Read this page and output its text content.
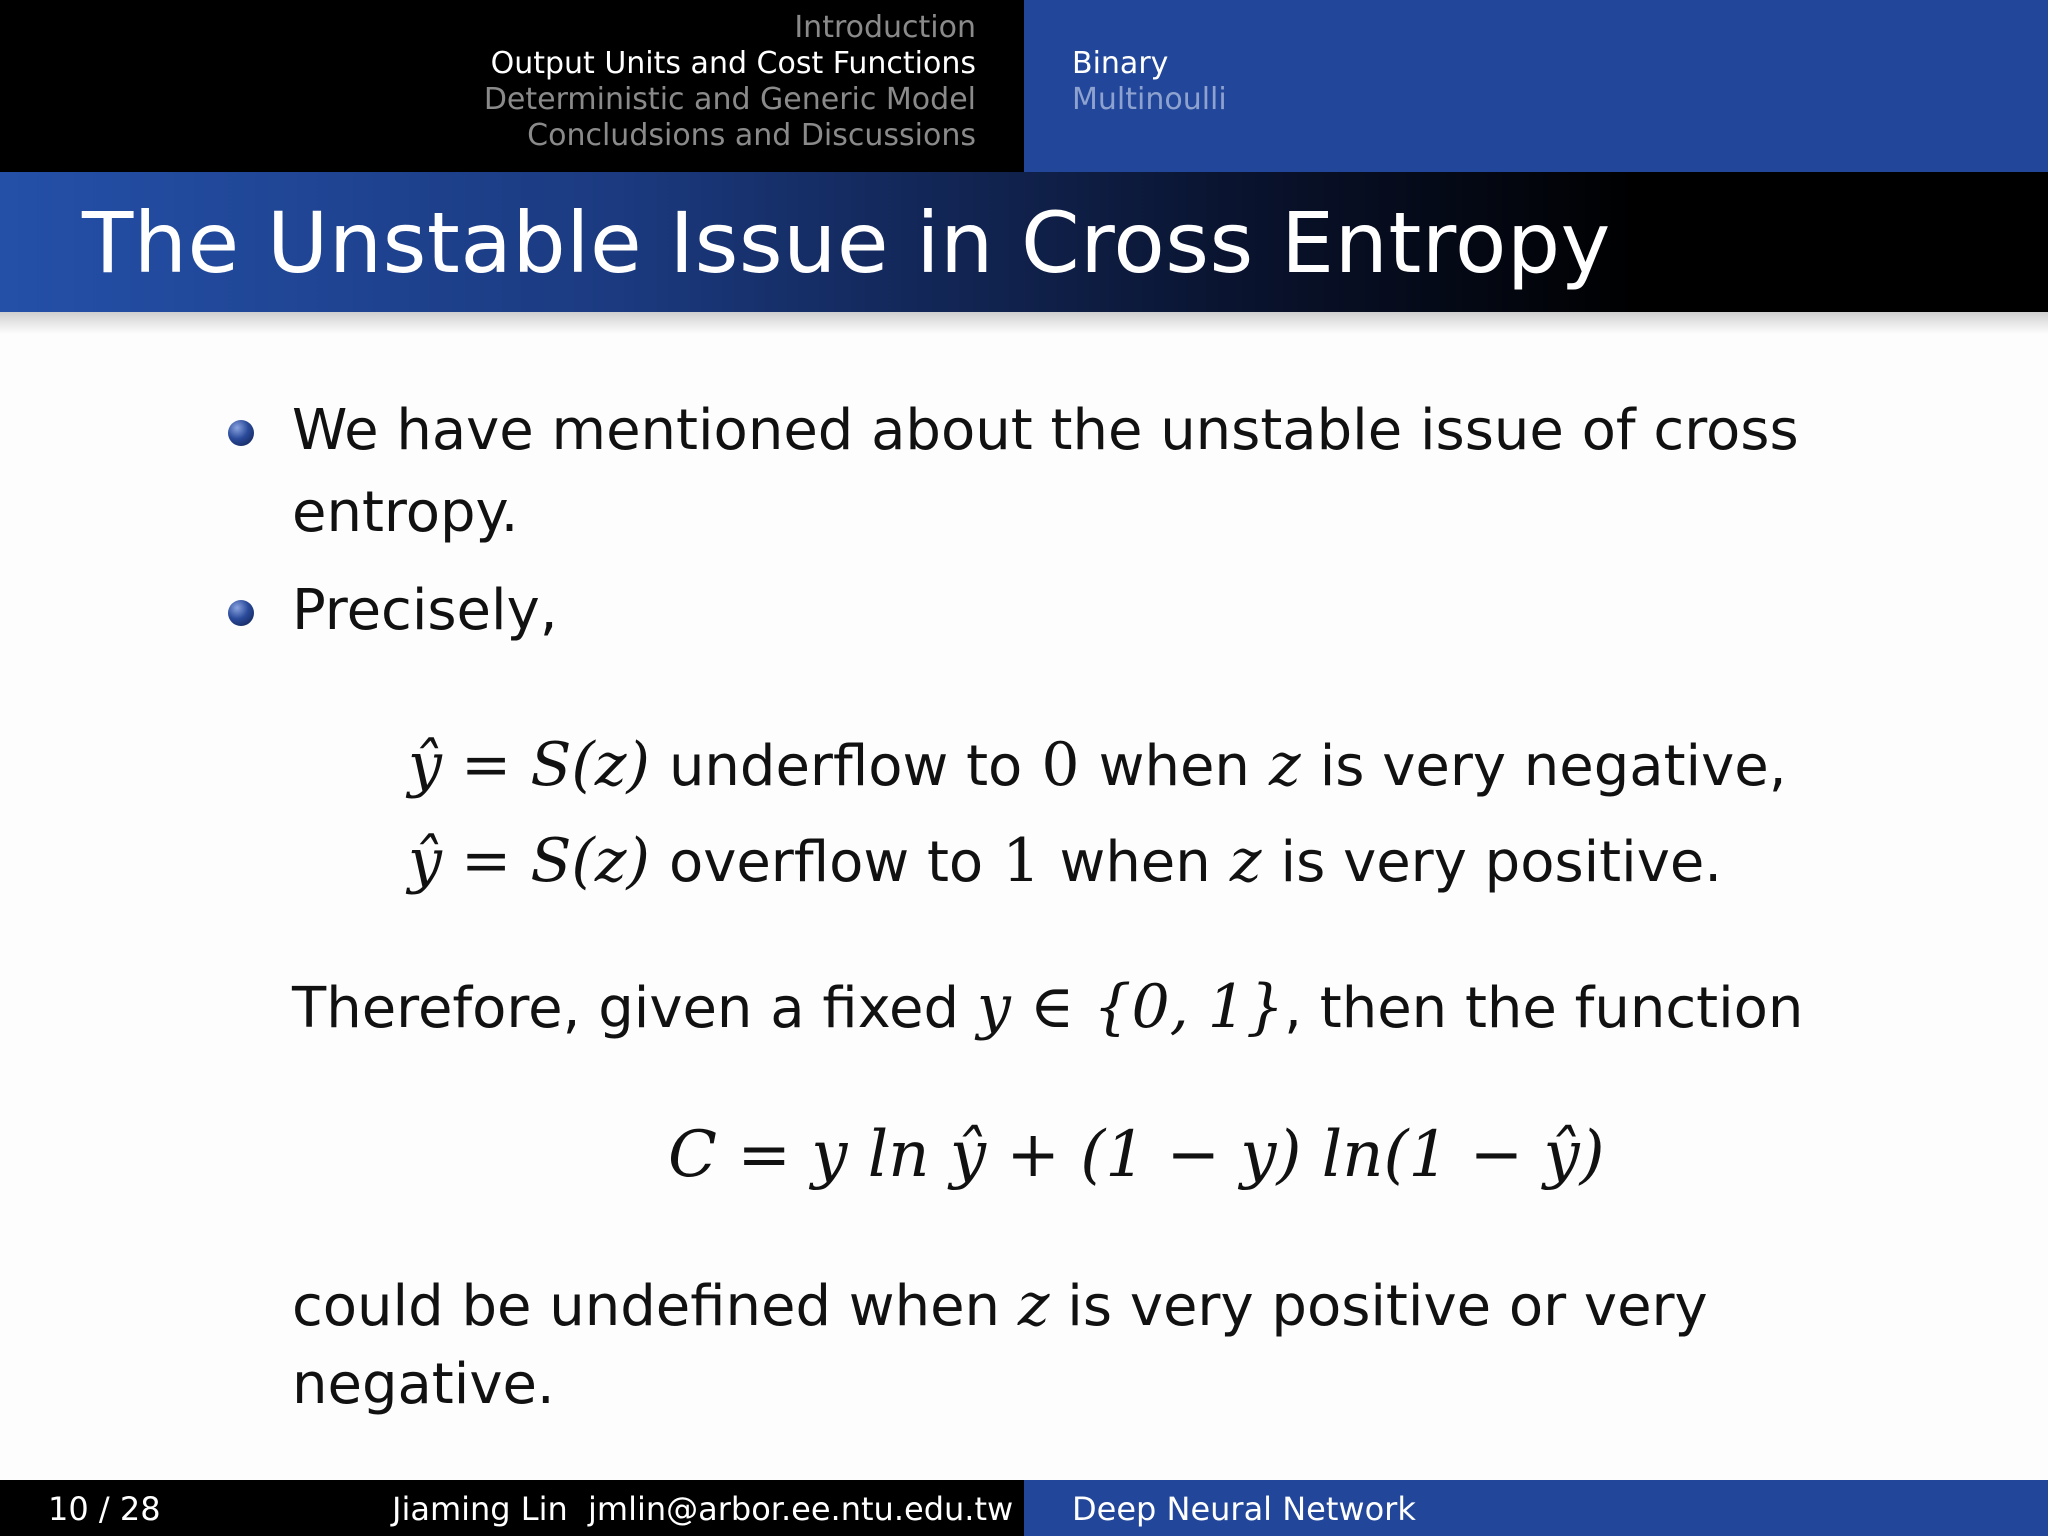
Introduction
Output Units and Cost Functions
Deterministic and Generic Model
Concludsions and Discussions
Binary
Multinoulli
The Unstable Issue in Cross Entropy
We have mentioned about the unstable issue of cross
entropy.
Precisely,
ŷ = S(z) underflow to 0 when z is very negative,
ŷ = S(z) overflow to 1 when z is very positive.
Therefore, given a fixed y ∈ {0, 1}, then the function
C = y ln ŷ + (1 − y) ln(1 − ŷ)
could be undefined when z is very positive or very
negative.
10 / 28	Jiaming Lin jmlin@arbor.ee.ntu.edu.tw Deep Neural Network
